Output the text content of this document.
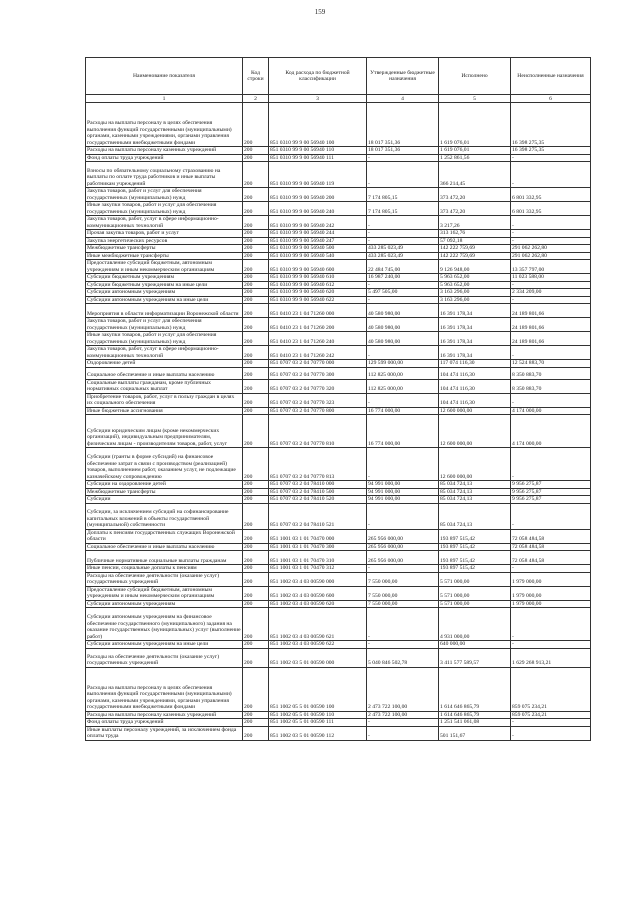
159
Наименование показателя	Код строки	Код расхода по бюджетной классификации	Утвержденные бюджетные назначения	Исполнено	Неисполненные назначения
1	2	3	4	5	6
Расходы на выплаты персоналу в целях обеспечения выполнения функций государственными (муниципальными) органами, казенными учреждениями, органами управления государственными внебюджетными фондами	200	851 0310 99 9 00 56940 100	18 017 351,36	1 619 076,01	16 398 275,35
Расходы на выплаты персоналу казенных учреждений	200	851 0310 99 9 00 56940 110	18 017 351,36	1 619 076,01	16 398 275,35
Фонд оплаты труда учреждений	200	851 0310 99 9 00 56940 111	-	1 252 861,56	-
Взносы по обязательному социальному страхованию на выплаты по оплате труда работников и иные выплаты работникам учреждений	200	851 0310 99 9 00 56940 119	-	366 214,45	-
Закупка товаров, работ и услуг для обеспечения государственных (муниципальных) нужд	200	851 0310 99 9 00 56940 200	7 174 805,15	373 472,20	6 801 332,95
Иные закупки товаров, работ и услуг для обеспечения государственных (муниципальных) нужд	200	851 0310 99 9 00 56940 240	7 174 805,15	373 472,20	6 801 332,95
Закупка товаров, работ, услуг в сфере информационно-коммуникационных технологий	200	851 0310 99 9 00 56940 242	-	3 217,26	-
Прочая закупка товаров, работ и услуг	200	851 0310 99 9 00 56940 244	-	313 162,76	-
Закупка энергетических ресурсов	200	851 0310 99 9 00 56940 247	-	57 092,18	-
Межбюджетные трансферты	200	851 0310 99 9 00 56940 500	433 285 023,49	142 222 759,69	291 062 262,80
Иные межбюджетные трансферты	200	851 0310 99 9 00 56940 540	433 285 023,49	142 222 759,69	291 062 262,80
Предоставление субсидий бюджетным, автономным учреждениям и иным некоммерческим организациям	200	851 0310 99 9 00 56940 600	22 484 745,00	9 126 948,00	13 357 797,00
Субсидии бюджетным учреждениям	200	851 0310 99 9 00 56940 610	16 987 240,00	5 963 652,00	11 023 588,00
Субсидии бюджетным учреждениям на иные цели	200	851 0310 99 9 00 56940 612	-	5 963 652,00	-
Субсидии автономным учреждениям	200	851 0310 99 9 00 56940 620	5 497 505,00	3 163 296,00	2 334 209,00
Субсидии автономным учреждениям на иные цели	200	851 0310 99 9 00 56940 622	-	3 163 296,00	-
Мероприятия в области информатизации Воронежской области	200	851 0410 23 1 04 71260 000	40 580 980,00	16 391 178,34	24 189 801,66
Закупка товаров, работ и услуг для обеспечения государственных (муниципальных) нужд	200	851 0410 23 1 04 71260 200	40 580 980,00	16 391 178,34	24 189 801,66
Иные закупки товаров, работ и услуг для обеспечения государственных (муниципальных) нужд	200	851 0410 23 1 04 71260 240	40 580 980,00	16 391 178,34	24 189 801,66
Закупка товаров, работ, услуг в сфере информационно-коммуникационных технологий	200	851 0410 23 1 04 71260 242	-	16 391 178,34	-
Оздоровление детей	200	851 0707 03 2 04 70770 000	129 599 000,00	117 074 116,30	12 524 883,70
Социальное обеспечение и иные выплаты населению	200	851 0707 03 2 04 70770 300	112 825 000,00	104 474 116,30	8 350 883,70
Социальные выплаты гражданам, кроме публичных нормативных социальных выплат	200	851 0707 03 2 04 70770 320	112 825 000,00	104 474 116,30	8 350 883,70
Приобретение товаров, работ, услуг в пользу граждан в целях их социального обеспечения	200	851 0707 03 2 04 70770 323	-	104 474 116,30	-
Иные бюджетные ассигнования	200	851 0707 03 2 04 70770 800	16 774 000,00	12 600 000,00	4 174 000,00
Субсидии юридическим лицам (кроме некоммерческих организаций), индивидуальным предпринимателям, физическим лицам - производителям товаров, работ, услуг	200	851 0707 03 2 04 70770 810	16 774 000,00	12 600 000,00	4 174 000,00
Субсидии (гранты в форме субсидий) на финансовое обеспечение затрат в связи с производством (реализацией) товаров, выполнением работ, оказанием услуг, не подлежащие казначейскому сопровождению	200	851 0707 03 2 04 70770 813	-	12 600 000,00	-
Субсидии на оздоровление детей	200	851 0707 03 2 04 78410 000	94 991 000,00	85 034 724,13	9 956 275,87
Межбюджетные трансферты	200	851 0707 03 2 04 78410 500	94 991 000,00	85 034 724,13	9 956 275,87
Субсидии	200	851 0707 03 2 04 78410 520	94 991 000,00	85 034 724,13	9 956 275,87
Субсидии, за исключением субсидий на софинансирование капитальных вложений в объекты государственной (муниципальной) собственности	200	851 0707 03 2 04 78410 521	-	85 034 724,13	-
Доплаты к пенсиям государственных служащих Воронежской области	200	851 1001 03 1 01 70470 000	265 956 000,00	193 897 515,42	72 058 484,58
Социальное обеспечение и иные выплаты населению	200	851 1001 03 1 01 70470 300	265 956 000,00	193 897 515,42	72 058 484,58
Публичные нормативные социальные выплаты гражданам	200	851 1001 03 1 01 70470 310	265 956 000,00	193 897 515,42	72 058 484,58
Иные пенсии, социальные доплаты к пенсиям	200	851 1001 03 1 01 70470 312	-	193 897 515,42	-
Расходы на обеспечение деятельности (оказание услуг) государственных учреждений	200	851 1002 03 4 03 00590 000	7 550 000,00	5 571 000,00	1 979 000,00
Предоставление субсидий бюджетным, автономным учреждениям и иным некоммерческим организациям	200	851 1002 03 4 03 00590 600	7 550 000,00	5 571 000,00	1 979 000,00
Субсидии автономным учреждениям	200	851 1002 03 4 03 00590 620	7 550 000,00	5 571 000,00	1 979 000,00
Субсидии автономным учреждениям на финансовое обеспечение государственного (муниципального) задания на оказание государственных (муниципальных) услуг (выполнение работ)	200	851 1002 03 4 03 00590 621	-	4 931 000,00	-
Субсидии автономным учреждениям на иные цели	200	851 1002 03 4 03 00590 622	-	640 000,00	-
Расходы на обеспечение деятельности (оказание услуг) государственных учреждений	200	851 1002 03 5 01 00590 000	5 040 846 502,78	3 411 577 589,57	1 629 268 913,21
Расходы на выплаты персоналу в целях обеспечения выполнения функций государственными (муниципальными) органами, казенными учреждениями, органами управления государственными внебюджетными фондами	200	851 1002 05 5 01 00590 100	2 473 722 100,00	1 614 646 865,79	859 075 234,21
Расходы на выплаты персоналу казенных учреждений	200	851 1002 05 5 01 00590 110	2 473 722 100,00	1 614 646 865,79	859 075 234,21
Фонд оплаты труда учреждений	200	851 1002 05 5 01 00590 111	-	1 251 541 061,08	-
Иные выплаты персоналу учреждений, за исключением фонда оплаты труда	200	851 1002 03 5 01 00590 112	-	501 151,67	-
